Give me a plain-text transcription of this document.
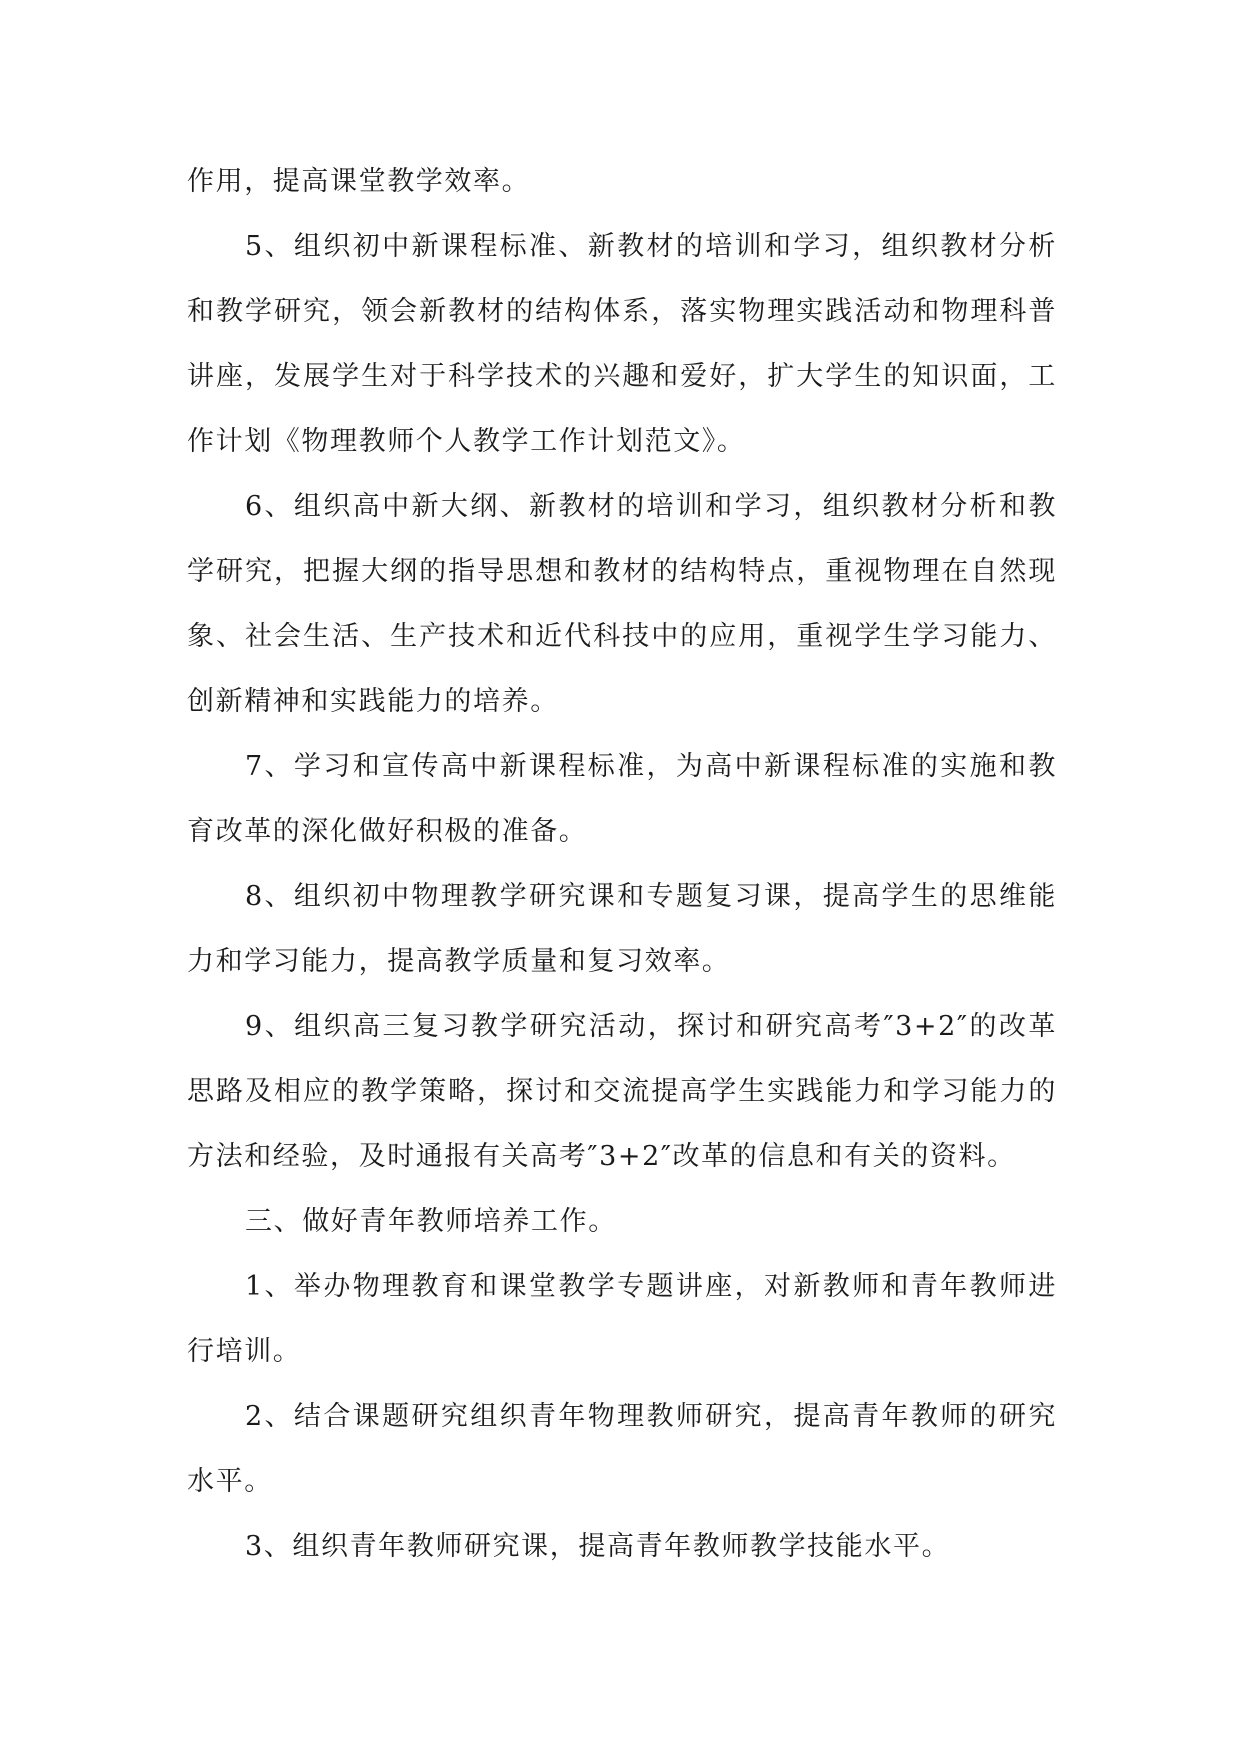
作用，提高课堂教学效率。

5、组织初中新课程标准、新教材的培训和学习，组织教材分析和教学研究，领会新教材的结构体系，落实物理实践活动和物理科普讲座，发展学生对于科学技术的兴趣和爱好，扩大学生的知识面，工作计划《物理教师个人教学工作计划范文》。

6、组织高中新大纲、新教材的培训和学习，组织教材分析和教学研究，把握大纲的指导思想和教材的结构特点，重视物理在自然现象、社会生活、生产技术和近代科技中的应用，重视学生学习能力、创新精神和实践能力的培养。

7、学习和宣传高中新课程标准，为高中新课程标准的实施和教育改革的深化做好积极的准备。

8、组织初中物理教学研究课和专题复习课，提高学生的思维能力和学习能力，提高教学质量和复习效率。

9、组织高三复习教学研究活动，探讨和研究高考″3+2″的改革思路及相应的教学策略，探讨和交流提高学生实践能力和学习能力的方法和经验，及时通报有关高考″3+2″改革的信息和有关的资料。

三、做好青年教师培养工作。

1、举办物理教育和课堂教学专题讲座，对新教师和青年教师进行培训。

2、结合课题研究组织青年物理教师研究，提高青年教师的研究水平。

3、组织青年教师研究课，提高青年教师教学技能水平。
